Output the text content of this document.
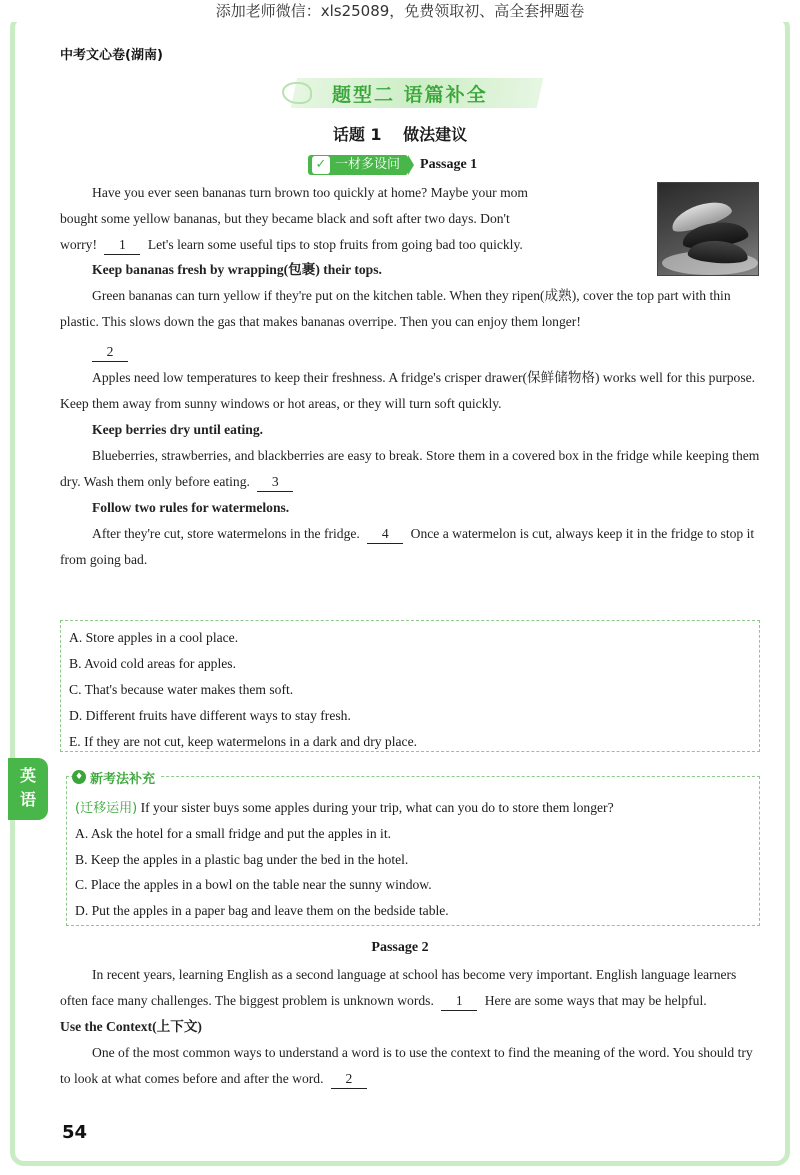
添加老师微信：xls25089，免费领取初、高全套押题卷
中考文心卷(湖南)
题型二 语篇补全
话题 1 做法建议
✓ 一材多设问 Passage 1
Have you ever seen bananas turn brown too quickly at home? Maybe your mom
bought some yellow bananas, but they became black and soft after two days. Don't
worry! 1 Let's learn some useful tips to stop fruits from going bad too quickly.
Keep bananas fresh by wrapping(包裹) their tops.
Green bananas can turn yellow if they're put on the kitchen table. When they ripen(成熟), cover the top part with thin plastic. This slows down the gas that makes bananas overripe. Then you can enjoy them longer!
2
Apples need low temperatures to keep their freshness. A fridge's crisper drawer(保鲜储物格) works well for this purpose. Keep them away from sunny windows or hot areas, or they will turn soft quickly.
Keep berries dry until eating.
Blueberries, strawberries, and blackberries are easy to break. Store them in a covered box in the fridge while keeping them dry. Wash them only before eating. 3
Follow two rules for watermelons.
After they're cut, store watermelons in the fridge. 4 Once a watermelon is cut, always keep it in the fridge to stop it from going bad.
A. Store apples in a cool place.
B. Avoid cold areas for apples.
C. That's because water makes them soft.
D. Different fruits have different ways to stay fresh.
E. If they are not cut, keep watermelons in a dark and dry place.
英
语	(迁移运用) If your sister buys some apples during your trip, what can you do to store them longer?
A. Ask the hotel for a small fridge and put the apples in it.
B. Keep the apples in a plastic bag under the bed in the hotel.
C. Place the apples in a bowl on the table near the sunny window.
D. Put the apples in a paper bag and leave them on the bedside table.
♦ 新考法补充
Passage 2
In recent years, learning English as a second language at school has become very important. English language learners often face many challenges. The biggest problem is unknown words. 1 Here are some ways that may be helpful.
Use the Context(上下文)
One of the most common ways to understand a word is to use the context to find the meaning of the word. You should try to look at what comes before and after the word. 2
54
